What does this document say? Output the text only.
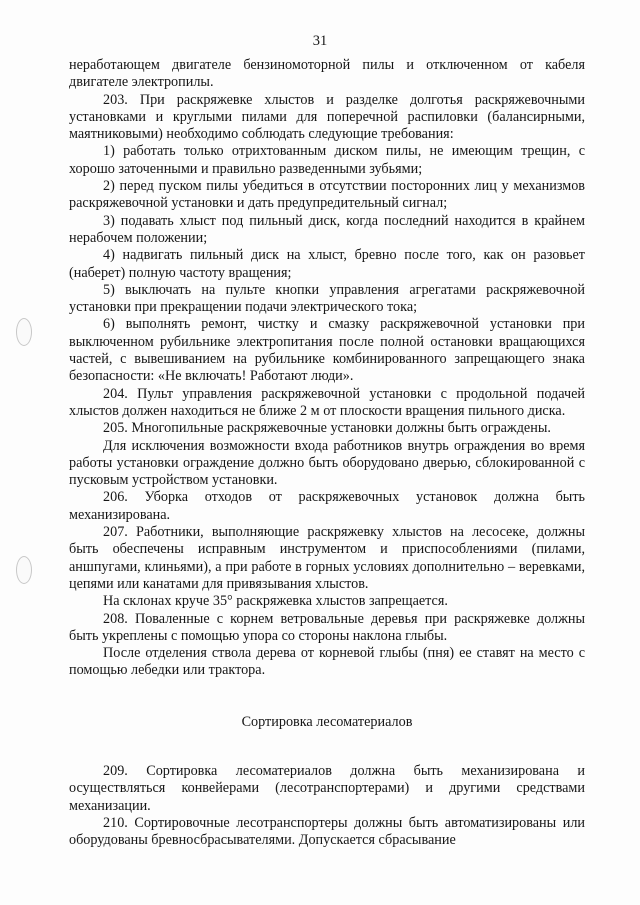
31

неработающем двигателе бензиномоторной пилы и отключенном от кабеля двигателе электропилы.

203. При раскряжевке хлыстов и разделке долготья раскряжевочными установками и круглыми пилами для поперечной распиловки (балансирными, маятниковыми) необходимо соблюдать следующие требования:

1) работать только отрихтованным диском пилы, не имеющим трещин, с хорошо заточенными и правильно разведенными зубьями;

2) перед пуском пилы убедиться в отсутствии посторонних лиц у механизмов раскряжевочной установки и дать предупредительный сигнал;

3) подавать хлыст под пильный диск, когда последний находится в крайнем нерабочем положении;

4) надвигать пильный диск на хлыст, бревно после того, как он разовьет (наберет) полную частоту вращения;

5) выключать на пульте кнопки управления агрегатами раскряжевочной установки при прекращении подачи электрического тока;

6) выполнять ремонт, чистку и смазку раскряжевочной установки при выключенном рубильнике электропитания после полной остановки вращающихся частей, с вывешиванием на рубильнике комбинированного запрещающего знака безопасности: «Не включать! Работают люди».

204. Пульт управления раскряжевочной установки с продольной подачей хлыстов должен находиться не ближе 2 м от плоскости вращения пильного диска.

205. Многопильные раскряжевочные установки должны быть ограждены.

Для исключения возможности входа работников внутрь ограждения во время работы установки ограждение должно быть оборудовано дверью, сблокированной с пусковым устройством установки.

206. Уборка отходов от раскряжевочных установок должна быть механизирована.

207. Работники, выполняющие раскряжевку хлыстов на лесосеке, должны быть обеспечены исправным инструментом и приспособлениями (пилами, аншпугами, клиньями), а при работе в горных условиях дополнительно – веревками, цепями или канатами для привязывания хлыстов.

На склонах круче 35° раскряжевка хлыстов запрещается.

208. Поваленные с корнем ветровальные деревья при раскряжевке должны быть укреплены с помощью упора со стороны наклона глыбы.

После отделения ствола дерева от корневой глыбы (пня) ее ставят на место с помощью лебедки или трактора.

Сортировка лесоматериалов

209. Сортировка лесоматериалов должна быть механизирована и осуществляться конвейерами (лесотранспортерами) и другими средствами механизации.

210. Сортировочные лесотранспортеры должны быть автоматизированы или оборудованы бревносбрасывателями. Допускается сбрасывание
